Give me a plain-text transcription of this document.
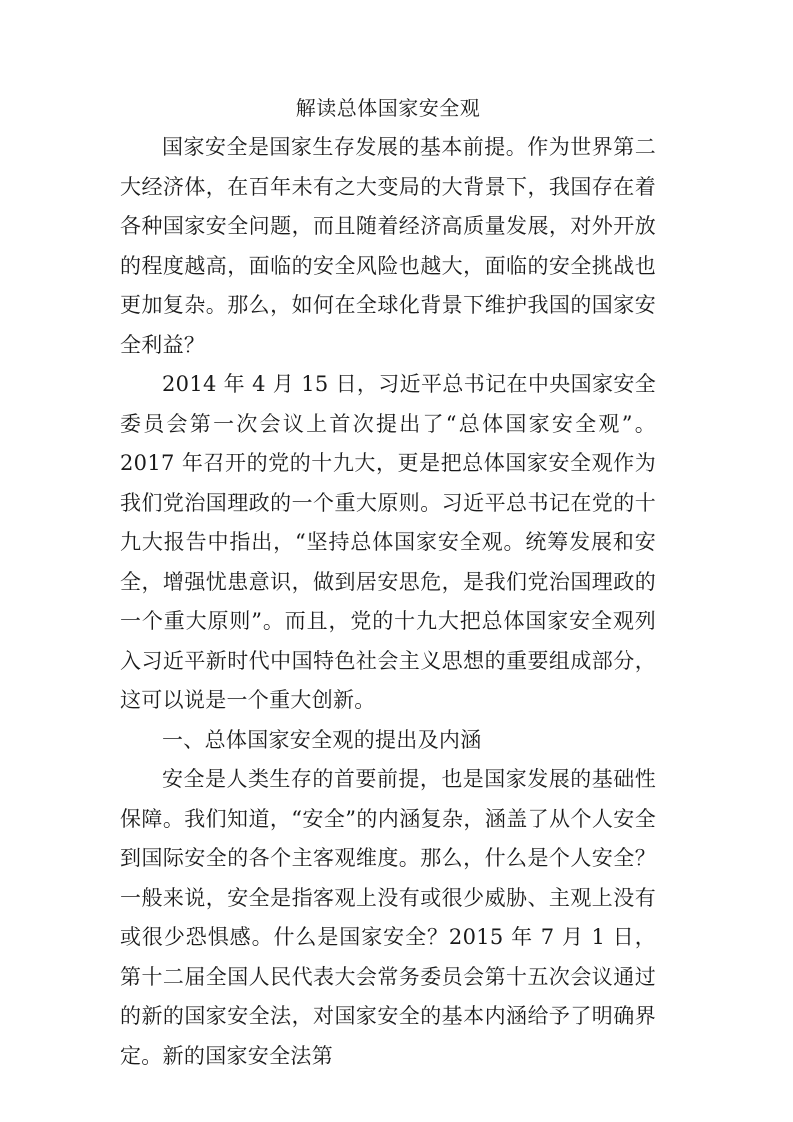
解读总体国家安全观

国家安全是国家生存发展的基本前提。作为世界第二大经济体，在百年未有之大变局的大背景下，我国存在着各种国家安全问题，而且随着经济高质量发展，对外开放的程度越高，面临的安全风险也越大，面临的安全挑战也更加复杂。那么，如何在全球化背景下维护我国的国家安全利益？

2014 年 4 月 15 日，习近平总书记在中央国家安全委员会第一次会议上首次提出了“总体国家安全观”。2017 年召开的党的十九大，更是把总体国家安全观作为我们党治国理政的一个重大原则。习近平总书记在党的十九大报告中指出，“坚持总体国家安全观。统筹发展和安全，增强忧患意识，做到居安思危，是我们党治国理政的一个重大原则”。而且，党的十九大把总体国家安全观列入习近平新时代中国特色社会主义思想的重要组成部分，这可以说是一个重大创新。

一、总体国家安全观的提出及内涵

安全是人类生存的首要前提，也是国家发展的基础性保障。我们知道，“安全”的内涵复杂，涵盖了从个人安全到国际安全的各个主客观维度。那么，什么是个人安全？一般来说，安全是指客观上没有或很少威胁、主观上没有或很少恐惧感。什么是国家安全？2015 年 7 月 1 日，第十二届全国人民代表大会常务委员会第十五次会议通过的新的国家安全法，对国家安全的基本内涵给予了明确界定。新的国家安全法第
